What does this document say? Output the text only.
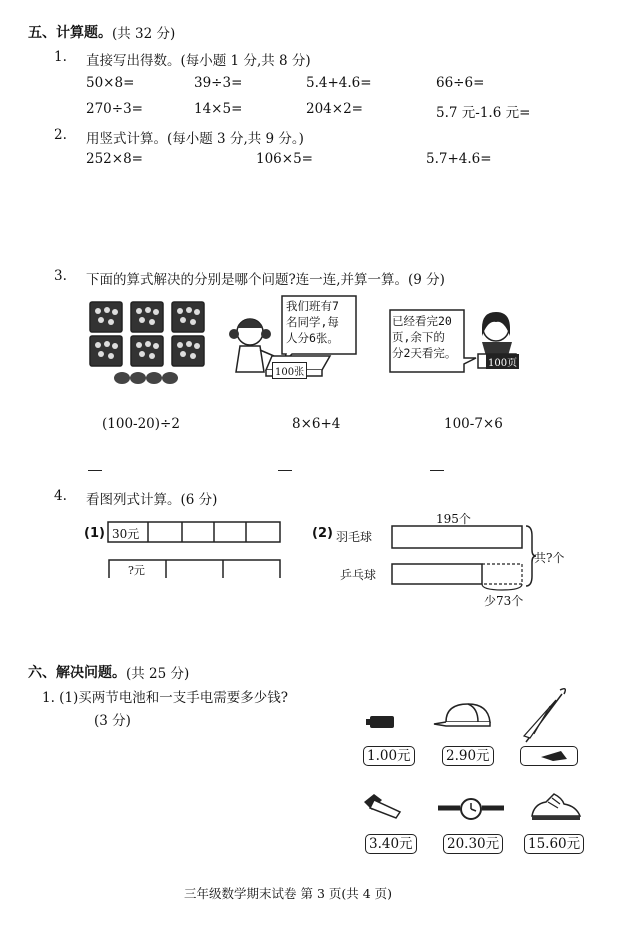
五、计算题。 (共 32 分)
1. 直接写出得数。(每小题 1 分,共 8 分)
50×8=	39÷3=	5.4+4.6=	66÷6=
270÷3=	14×5=	204×2=	5.7 元-1.6 元=
2. 用竖式计算。(每小题 3 分,共 9 分。)
252×8=	106×5=	5.7+4.6=
3. 下面的算式解决的分别是哪个问题?连一连,并算一算。(9 分)
我们班有7
名同学,每
人分6张。
100张
已经看完20
页,余下的
分2天看完。
100页
(100-20)÷2	8×6+4	100-7×6
4. 看图列式计算。(6 分)
(1) 30元
?元
(2)
195个
羽毛球
乒乓球
共?个
少73个
六、解决问题。 (共 25 分)
1. (1)买两节电池和一支手电需要多少钱?
(3 分)
1.00元	2.90元
3.40元	20.30元 15.60元
三年级数学期末试卷 第 3 页(共 4 页)
